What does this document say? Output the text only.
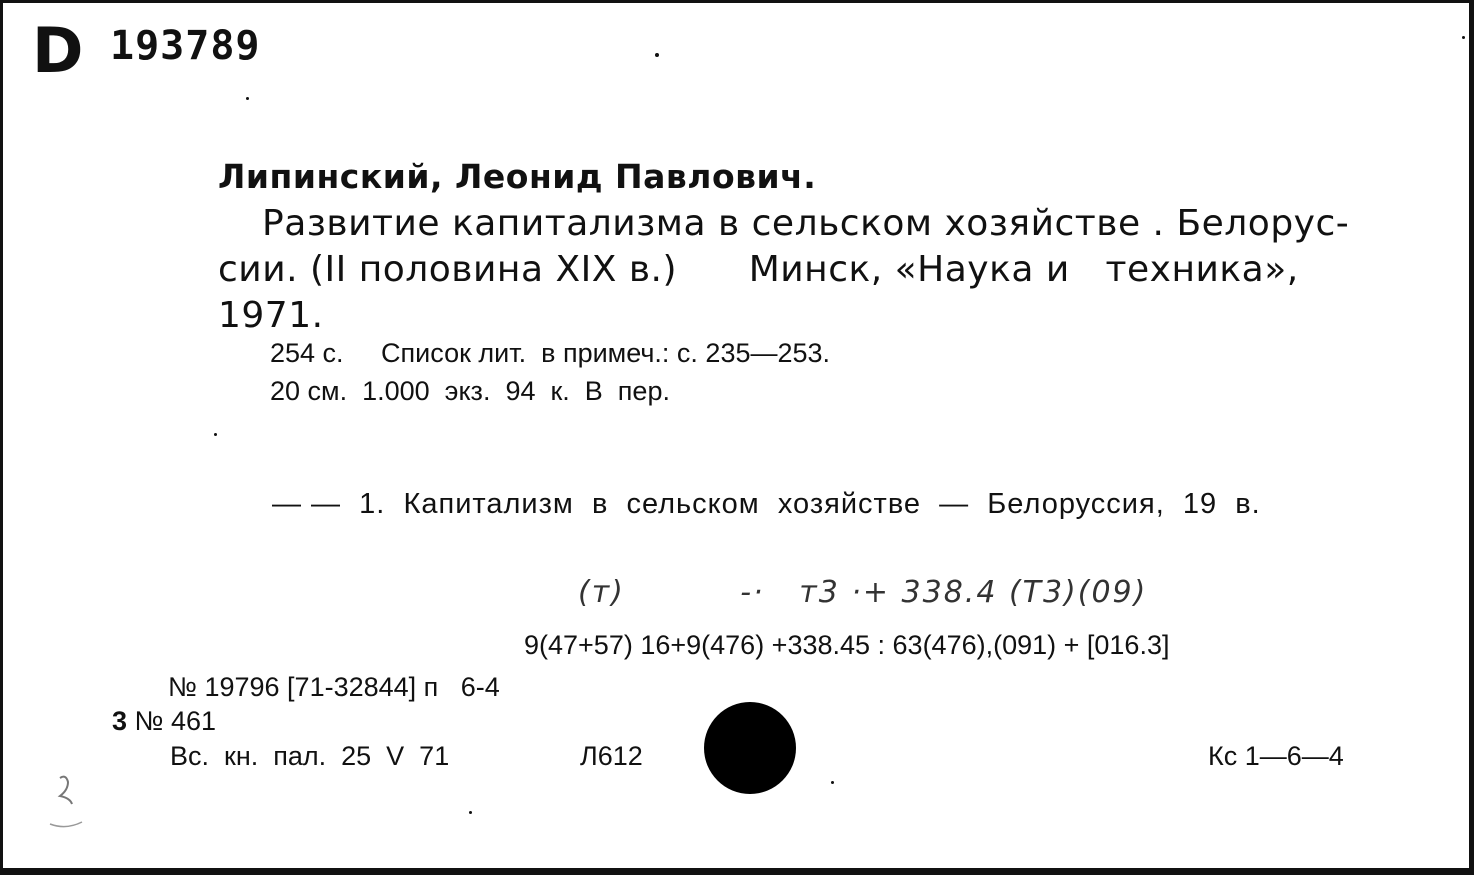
D 193789
Липинский, Леонид Павлович.
Развитие капитализма в сельском хозяйстве . Белорус-
сии. (II половина XIX в.)      Минск, «Наука и   техника»,
1971.
254 с.     Список лит.  в примеч.: с. 235—253.
20 см.  1.000  экз.  94  к.  В  пер.
— —  1.  Капитализм  в  сельском  хозяйстве  —  Белоруссия,  19  в.
(т)          -·   т3 ·+ 338.4 (Т3)(09)
9(47+57) 16+9(476) +338.45 : 63(476),(091) + [016.3]
№ 19796 [71-32844] п   6-4
3 № 461
Вс.  кн.  пал.  25  V  71	Л612	Кс 1—6—4
